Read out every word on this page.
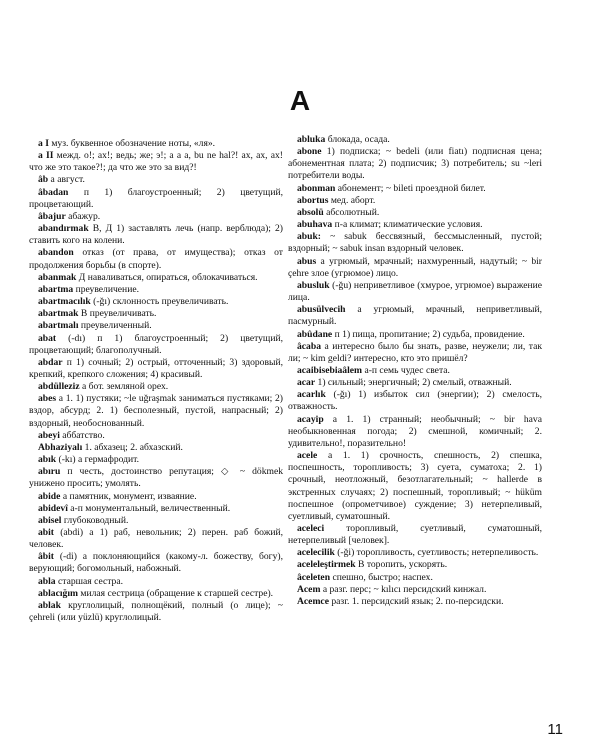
A
a I муз. буквенное обозначение ноты, «ля».
a II межд. о!; ах!; ведь; же; э!; а а а, bu ne hal?! ах, ах, ах! что же это такое?!; да что же это за вид?!
âb а август.
âbadan п 1) благоустроенный; 2) цветущий, процветающий.
âbajur абажур.
abandırmak В, Д 1) заставлять лечь (напр. верблюда); 2) ставить кого на колени.
abandon отказ (от права, от имущества); отказ от продолжения борьбы (в спорте).
abanmak Д наваливаться, опираться, облокачиваться.
abartma преувеличение.
abartmacılık (-ğı) склонность преувеличивать.
abartmak В преувеличивать.
abartmalı преувеличенный.
abat (-dı) п 1) благоустроенный; 2) цветущий, процветающий; благополучный.
abdar п 1) сочный; 2) острый, отточенный; 3) здоровый, крепкий, крепкого сложения; 4) красивый.
abdülleziz а бот. земляной орех.
abes а 1. 1) пустяки; ~le uğraşmak заниматься пустяками; 2) вздор, абсурд; 2. 1) бесполезный, пустой, напрасный; 2) вздорный, необоснованный.
abeyi аббатство.
Abhaziyalı 1. абхазец; 2. абхазский.
abık (-kı) а гермафродит.
abıru п честь, достоинство репутация; ◇ ~ dökmek унижено просить; умолять.
abide а памятник, монумент, изваяние.
abidevî а-п монументальный, величественный.
abisel глубоководный.
abit (abdi) а 1) раб, невольник; 2) перен. раб божий, человек.
âbit (-di) а поклоняющийся (какому-л. божеству, богу), верующий; богомольный, набожный.
abla старшая сестра.
ablacığım милая сестрица (обращение к старшей сестре).
ablak круглолицый, полнощёкий, полный (о лице); ~ çehreli (или yüzlü) круглолицый.
abluka блокада, осада.
abone 1) подписка; ~ bedeli (или fiatı) подписная цена; абонементная плата; 2) подписчик; 3) потребитель; su ~leri потребители воды.
abonman абонемент; ~ bileti проездной билет.
abortus мед. аборт.
absolü абсолютный.
abuhava п-а климат; климатические условия.
abuk: ~ sabuk бессвязный, бессмысленный, пустой; вздорный; ~ sabuk insan вздорный человек.
abus а угрюмый, мрачный; нахмуренный, надутый; ~ bir çehre злое (угрюмое) лицо.
abusluk (-ğu) неприветливое (хмурое, угрюмое) выражение лица.
abusülvecih а угрюмый, мрачный, неприветливый, пасмурный.
abûdane п 1) пища, пропитание; 2) судьба, провидение.
âcaba а интересно было бы знать, разве, неужели; ли, так ли; ~ kim geldi? интересно, кто это пришёл?
acaibisebiaâlem а-п семь чудес света.
acar 1) сильный; энергичный; 2) смелый, отважный.
acarlık (-ğı) 1) избыток сил (энергии); 2) смелость, отважность.
acayip а 1. 1) странный; необычный; ~ bir hava необыкновенная погода; 2) смешной, комичный; 2. удивительно!, поразительно!
acele а 1. 1) срочность, спешность, 2) спешка, поспешность, торопливость; 3) суета, суматоха; 2. 1) срочный, неотложный, безотлагательный; ~ hallerde в экстренных случаях; 2) поспешный, торопливый; ~ hüküm поспешное (опрометчивое) суждение; 3) нетерпеливый, суетливый, суматошный.
aceleci торопливый, суетливый, суматошный, нетерпеливый [человек].
acelecilik (-ği) торопливость, суетливость; нетерпеливость.
aceleleştirmek В торопить, ускорять.
âceleten спешно, быстро; наспех.
Acem а разг. перс; ~ kılıcı персидский кинжал.
Acemce разг. 1. персидский язык; 2. по-персидски.
11
